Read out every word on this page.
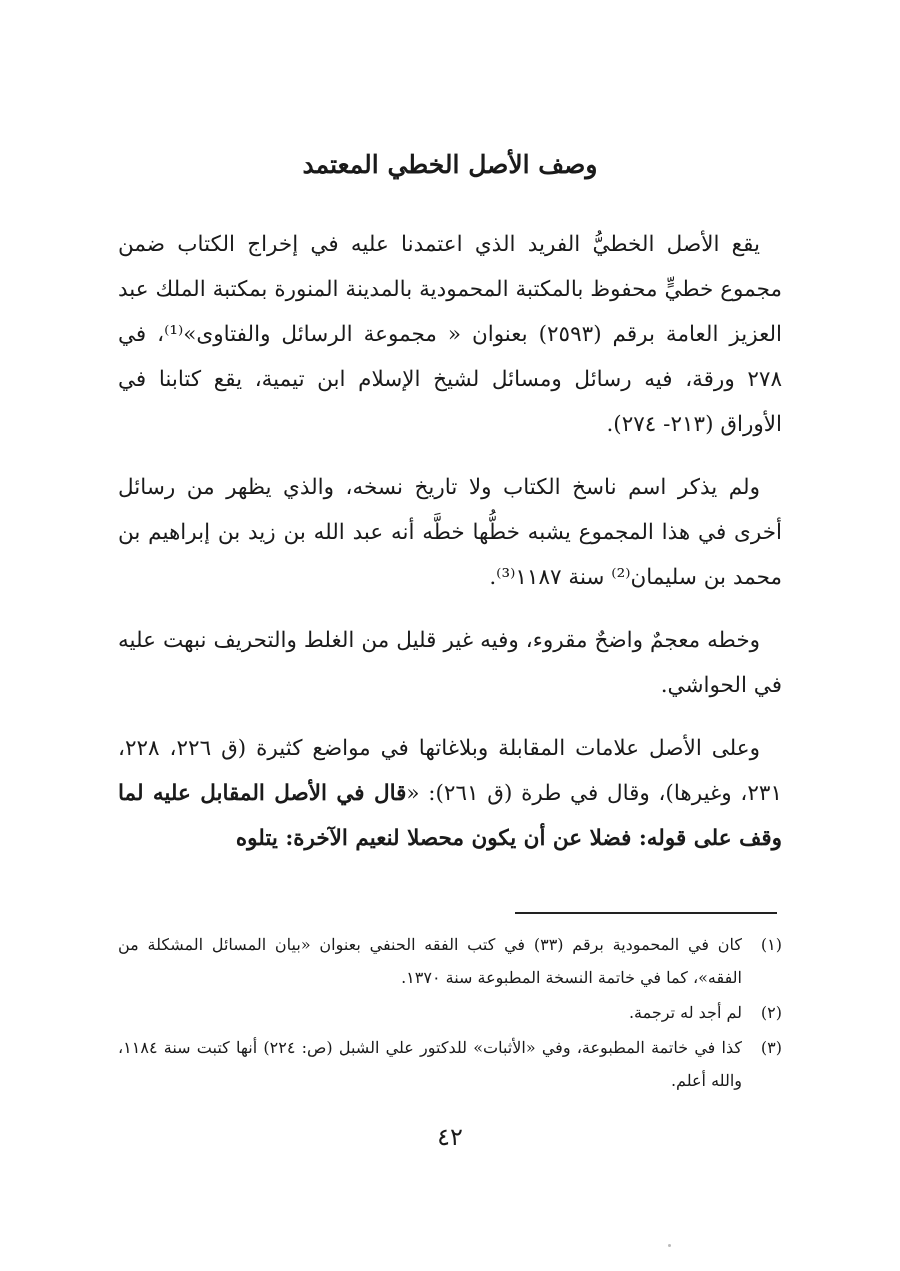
وصف الأصل الخطي المعتمد

يقع الأصل الخطيُّ الفريد الذي اعتمدنا عليه في إخراج الكتاب ضمن مجموع خطيٍّ محفوظ بالمكتبة المحمودية بالمدينة المنورة بمكتبة الملك عبد العزيز العامة برقم (٢٥٩٣) بعنوان « مجموعة الرسائل والفتاوى»⁽¹⁾، في ٢٧٨ ورقة، فيه رسائل ومسائل لشيخ الإسلام ابن تيمية، يقع كتابنا في الأوراق (٢١٣- ٢٧٤).

ولم يذكر اسم ناسخ الكتاب ولا تاريخ نسخه، والذي يظهر من رسائل أخرى في هذا المجموع يشبه خطُّها خطَّه أنه عبد الله بن زيد بن إبراهيم بن محمد بن سليمان⁽²⁾ سنة ١١٨٧⁽³⁾.

وخطه معجمٌ واضحٌ مقروء، وفيه غير قليل من الغلط والتحريف نبهت عليه في الحواشي.

وعلى الأصل علامات المقابلة وبلاغاتها في مواضع كثيرة (ق ٢٢٦، ٢٢٨، ٢٣١، وغيرها)، وقال في طرة (ق ٢٦١): «قال في الأصل المقابل عليه لما وقف على قوله: فضلا عن أن يكون محصلا لنعيم الآخرة: يتلوه

(١)
كان في المحمودية برقم (٣٣) في كتب الفقه الحنفي بعنوان «بيان المسائل المشكلة من الفقه»، كما في خاتمة النسخة المطبوعة سنة ١٣٧٠.
(٢)
لم أجد له ترجمة.
(٣)
كذا في خاتمة المطبوعة، وفي «الأثبات» للدكتور علي الشبل (ص: ٢٢٤) أنها كتبت سنة ١١٨٤، والله أعلم.

٤٢
